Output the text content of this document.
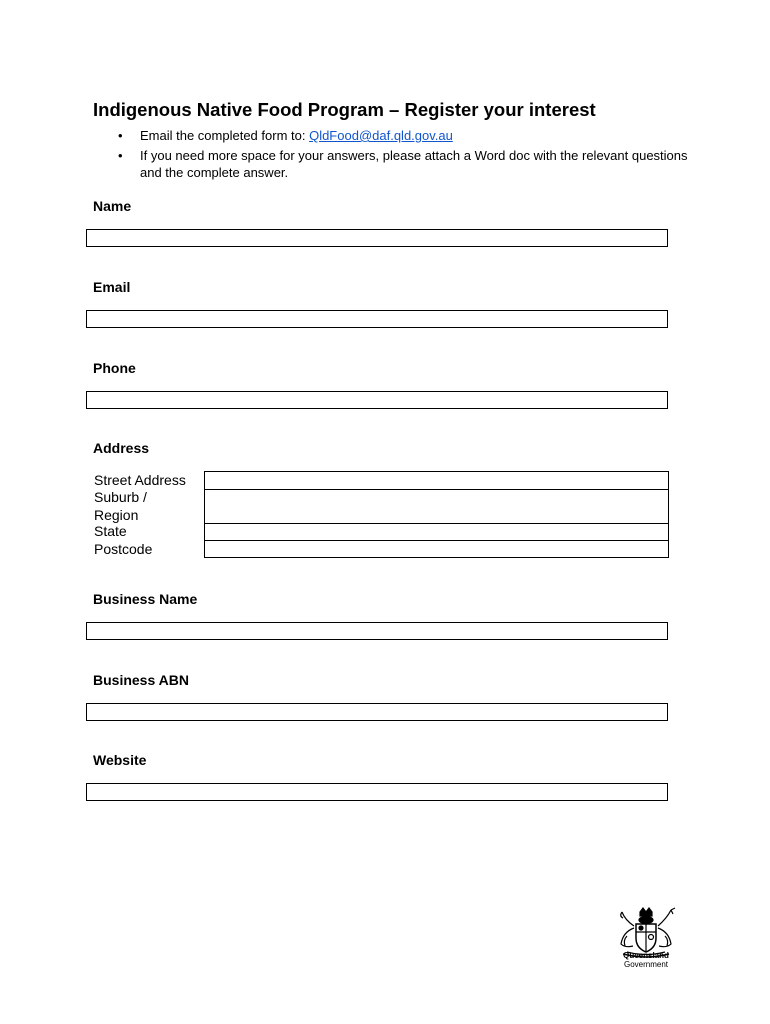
Indigenous Native Food Program – Register your interest
• Email the completed form to: QldFood@daf.qld.gov.au
• If you need more space for your answers, please attach a Word doc with the relevant questions and the complete answer.
Name
Email
Phone
Address
Street Address
Suburb /
Region
State
Postcode
Business Name
Business ABN
Website
Queensland
Government
